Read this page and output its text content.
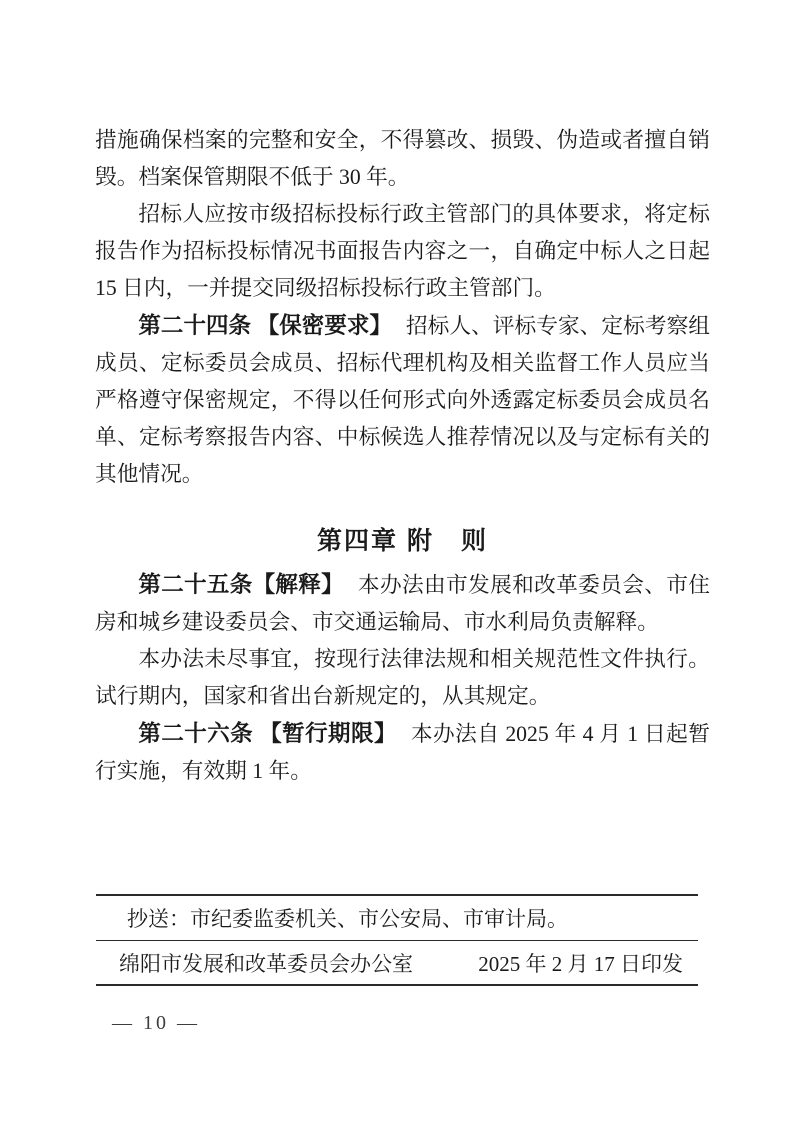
措施确保档案的完整和安全，不得篡改、损毁、伪造或者擅自销毁。档案保管期限不低于 30 年。

招标人应按市级招标投标行政主管部门的具体要求，将定标报告作为招标投标情况书面报告内容之一，自确定中标人之日起 15 日内，一并提交同级招标投标行政主管部门。

第二十四条 【保密要求】 招标人、评标专家、定标考察组成员、定标委员会成员、招标代理机构及相关监督工作人员应当严格遵守保密规定，不得以任何形式向外透露定标委员会成员名单、定标考察报告内容、中标候选人推荐情况以及与定标有关的其他情况。

第四章 附　则

第二十五条【解释】 本办法由市发展和改革委员会、市住房和城乡建设委员会、市交通运输局、市水利局负责解释。

本办法未尽事宜，按现行法律法规和相关规范性文件执行。试行期内，国家和省出台新规定的，从其规定。

第二十六条 【暂行期限】 本办法自 2025 年 4 月 1 日起暂行实施，有效期 1 年。

抄送：市纪委监委机关、市公安局、市审计局。
绵阳市发展和改革委员会办公室	2025 年 2 月 17 日印发
— 10 —
